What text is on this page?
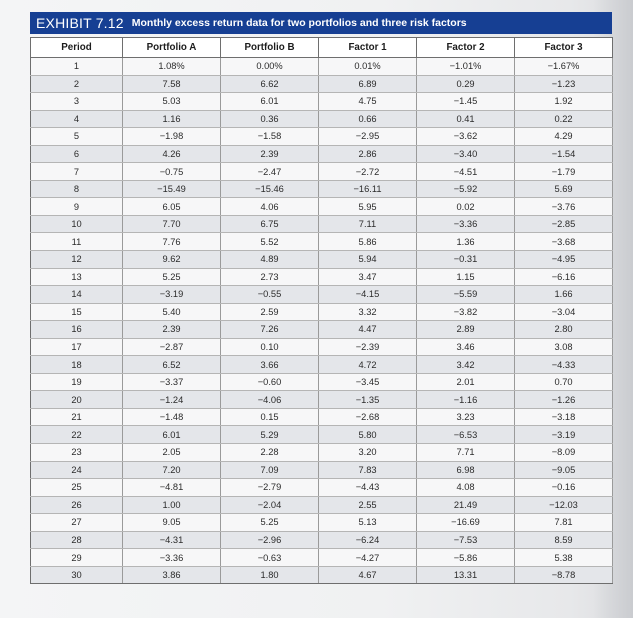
EXHIBIT 7.12 Monthly excess return data for two portfolios and three risk factors
Period	Portfolio A	Portfolio B	Factor 1	Factor 2	Factor 3
1	1.08%	0.00%	0.01%	−1.01%	−1.67%
2	7.58	6.62	6.89	0.29	−1.23
3	5.03	6.01	4.75	−1.45	1.92
4	1.16	0.36	0.66	0.41	0.22
5	−1.98	−1.58	−2.95	−3.62	4.29
6	4.26	2.39	2.86	−3.40	−1.54
7	−0.75	−2.47	−2.72	−4.51	−1.79
8	−15.49	−15.46	−16.11	−5.92	5.69
9	6.05	4.06	5.95	0.02	−3.76
10	7.70	6.75	7.11	−3.36	−2.85
11	7.76	5.52	5.86	1.36	−3.68
12	9.62	4.89	5.94	−0.31	−4.95
13	5.25	2.73	3.47	1.15	−6.16
14	−3.19	−0.55	−4.15	−5.59	1.66
15	5.40	2.59	3.32	−3.82	−3.04
16	2.39	7.26	4.47	2.89	2.80
17	−2.87	0.10	−2.39	3.46	3.08
18	6.52	3.66	4.72	3.42	−4.33
19	−3.37	−0.60	−3.45	2.01	0.70
20	−1.24	−4.06	−1.35	−1.16	−1.26
21	−1.48	0.15	−2.68	3.23	−3.18
22	6.01	5.29	5.80	−6.53	−3.19
23	2.05	2.28	3.20	7.71	−8.09
24	7.20	7.09	7.83	6.98	−9.05
25	−4.81	−2.79	−4.43	4.08	−0.16
26	1.00	−2.04	2.55	21.49	−12.03
27	9.05	5.25	5.13	−16.69	7.81
28	−4.31	−2.96	−6.24	−7.53	8.59
29	−3.36	−0.63	−4.27	−5.86	5.38
30	3.86	1.80	4.67	13.31	−8.78
